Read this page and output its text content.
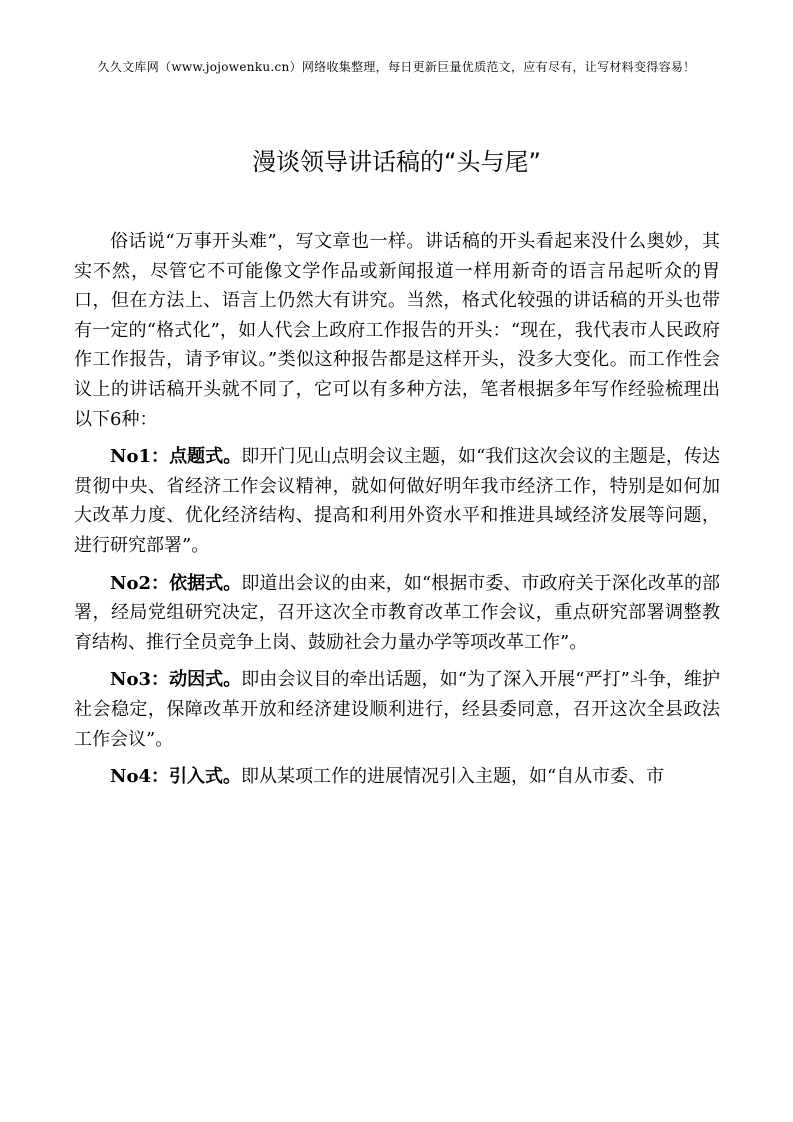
久久文库网（www.jojowenku.cn）网络收集整理，每日更新巨量优质范文，应有尽有，让写材料变得容易！
漫谈领导讲话稿的“头与尾”

俗话说“万事开头难”，写文章也一样。讲话稿的开头看起来没什么奥妙，其实不然，尽管它不可能像文学作品或新闻报道一样用新奇的语言吊起听众的胃口，但在方法上、语言上仍然大有讲究。当然，格式化较强的讲话稿的开头也带有一定的“格式化”，如人代会上政府工作报告的开头：“现在，我代表市人民政府作工作报告，请予审议。”类似这种报告都是这样开头，没多大变化。而工作性会议上的讲话稿开头就不同了，它可以有多种方法，笔者根据多年写作经验梳理出以下6种：

No1：点题式。即开门见山点明会议主题，如“我们这次会议的主题是，传达贯彻中央、省经济工作会议精神，就如何做好明年我市经济工作，特别是如何加大改革力度、优化经济结构、提高和利用外资水平和推进具域经济发展等问题，进行研究部署”。

No2：依据式。即道出会议的由来，如“根据市委、市政府关于深化改革的部署，经局党组研究决定，召开这次全市教育改革工作会议，重点研究部署调整教育结构、推行全员竞争上岗、鼓励社会力量办学等项改革工作”。

No3：动因式。即由会议目的牵出话题，如“为了深入开展“严打”斗争，维护社会稳定，保障改革开放和经济建设顺利进行，经县委同意，召开这次全县政法工作会议”。

No4：引入式。即从某项工作的进展情况引入主题，如“自从市委、市
